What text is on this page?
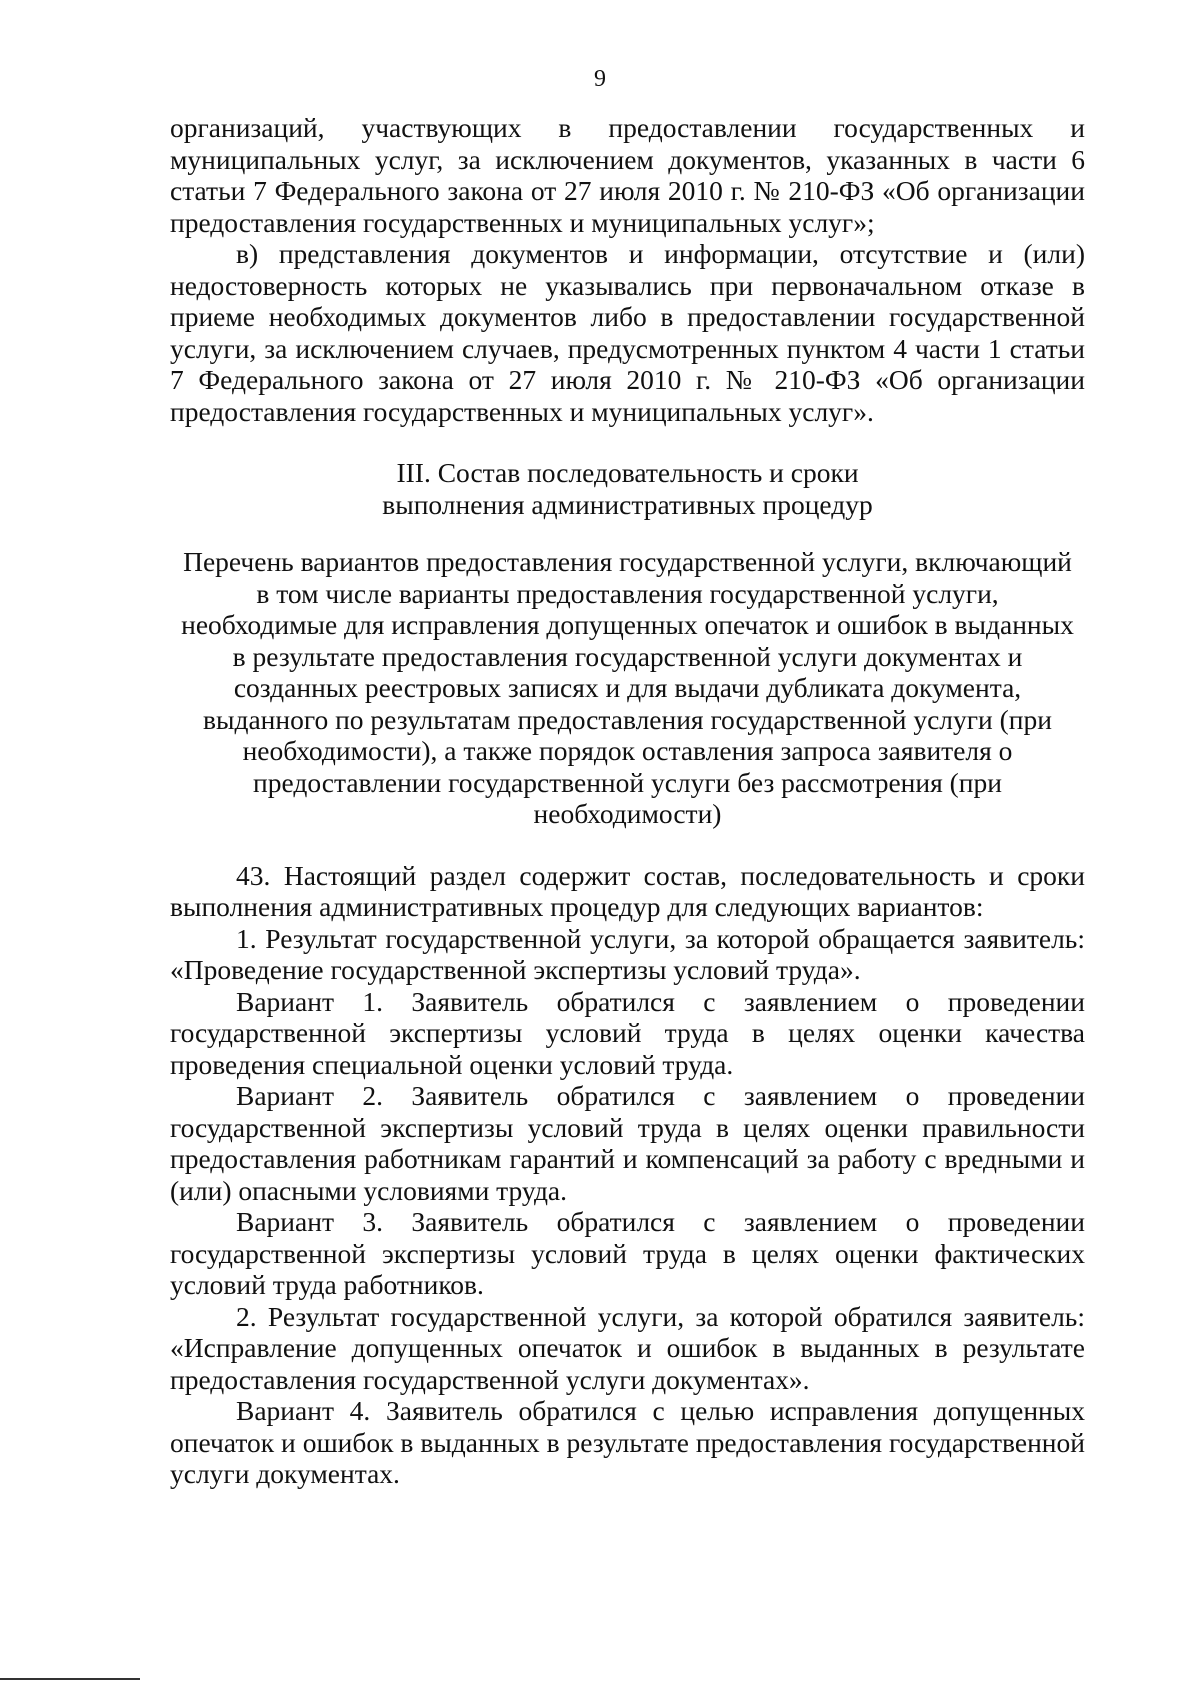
9

организаций, участвующих в предоставлении государственных и муниципальных услуг, за исключением документов, указанных в части 6 статьи 7 Федерального закона от 27 июля 2010 г. № 210-ФЗ «Об организации предоставления государственных и муниципальных услуг»;

в) представления документов и информации, отсутствие и (или) недостоверность которых не указывались при первоначальном отказе в приеме необходимых документов либо в предоставлении государственной услуги, за исключением случаев, предусмотренных пунктом 4 части 1 статьи 7 Федерального закона от 27 июля 2010 г. № 210-ФЗ «Об организации предоставления государственных и муниципальных услуг».

III. Состав последовательность и сроки
выполнения административных процедур
Перечень вариантов предоставления государственной услуги, включающий
в том числе варианты предоставления государственной услуги,
необходимые для исправления допущенных опечаток и ошибок в выданных
в результате предоставления государственной услуги документах и
созданных реестровых записях и для выдачи дубликата документа,
выданного по результатам предоставления государственной услуги (при
необходимости), а также порядок оставления запроса заявителя о
предоставлении государственной услуги без рассмотрения (при
необходимости)

43. Настоящий раздел содержит состав, последовательность и сроки выполнения административных процедур для следующих вариантов:

1. Результат государственной услуги, за которой обращается заявитель: «Проведение государственной экспертизы условий труда».

Вариант 1. Заявитель обратился с заявлением о проведении государственной экспертизы условий труда в целях оценки качества проведения специальной оценки условий труда.

Вариант 2. Заявитель обратился с заявлением о проведении государственной экспертизы условий труда в целях оценки правильности предоставления работникам гарантий и компенсаций за работу с вредными и (или) опасными условиями труда.

Вариант 3. Заявитель обратился с заявлением о проведении государственной экспертизы условий труда в целях оценки фактических условий труда работников.

2. Результат государственной услуги, за которой обратился заявитель: «Исправление допущенных опечаток и ошибок в выданных в результате предоставления государственной услуги документах».

Вариант 4. Заявитель обратился с целью исправления допущенных опечаток и ошибок в выданных в результате предоставления государственной услуги документах.
